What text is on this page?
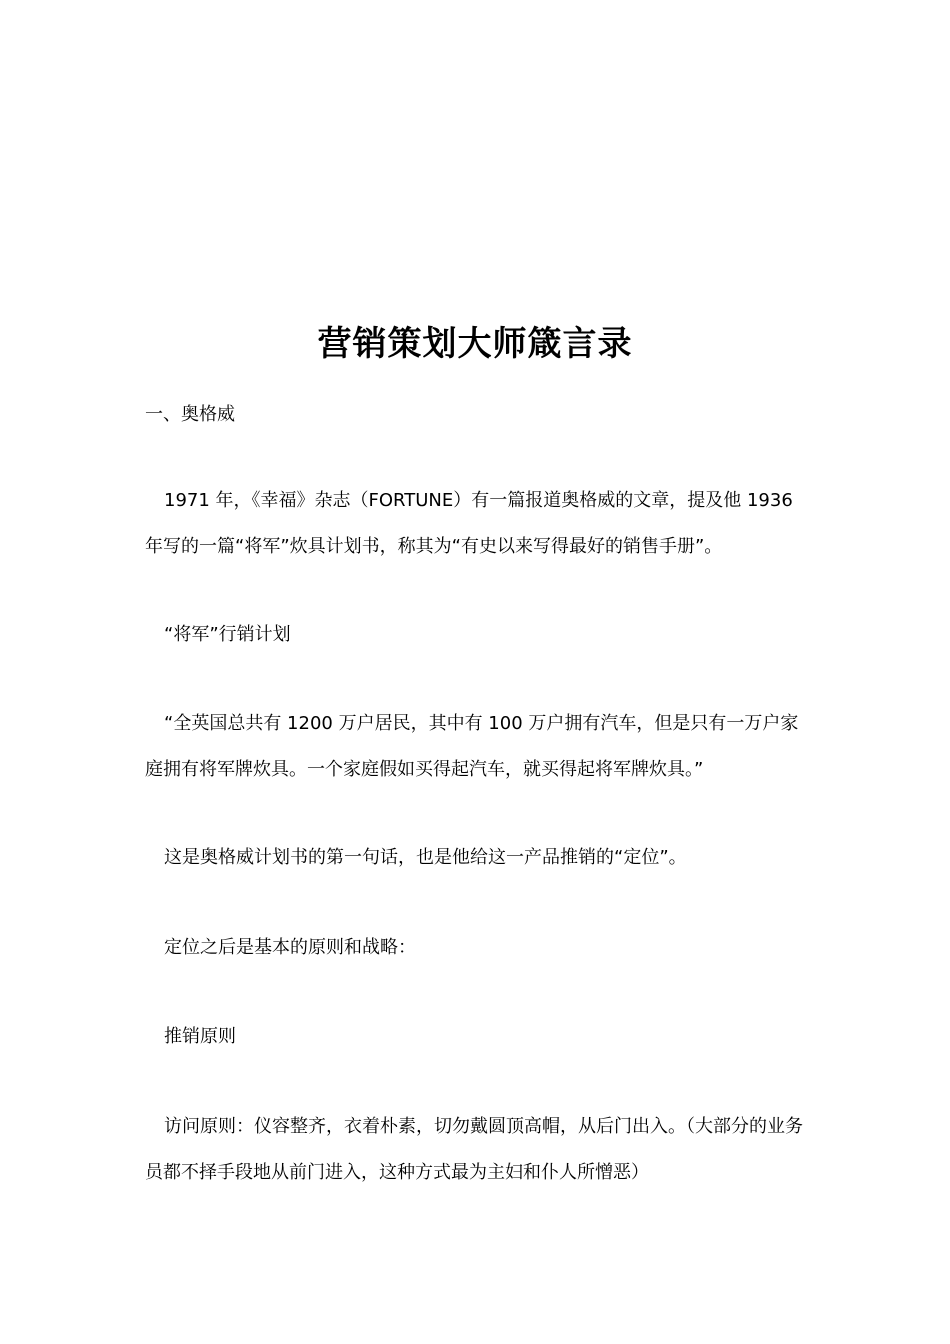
营销策划大师箴言录
一、奥格威

1971 年，《幸福》杂志（FORTUNE）有一篇报道奥格威的文章，提及他 1936 年写的一篇“将军”炊具计划书，称其为“有史以来写得最好的销售手册”。

“将军”行销计划

“全英国总共有 1200 万户居民，其中有 100 万户拥有汽车，但是只有一万户家庭拥有将军牌炊具。一个家庭假如买得起汽车，就买得起将军牌炊具。”

这是奥格威计划书的第一句话，也是他给这一产品推销的“定位”。

定位之后是基本的原则和战略：

推销原则

访问原则：仪容整齐，衣着朴素，切勿戴圆顶高帽，从后门出入。（大部分的业务员都不择手段地从前门进入，这种方式最为主妇和仆人所憎恶）
